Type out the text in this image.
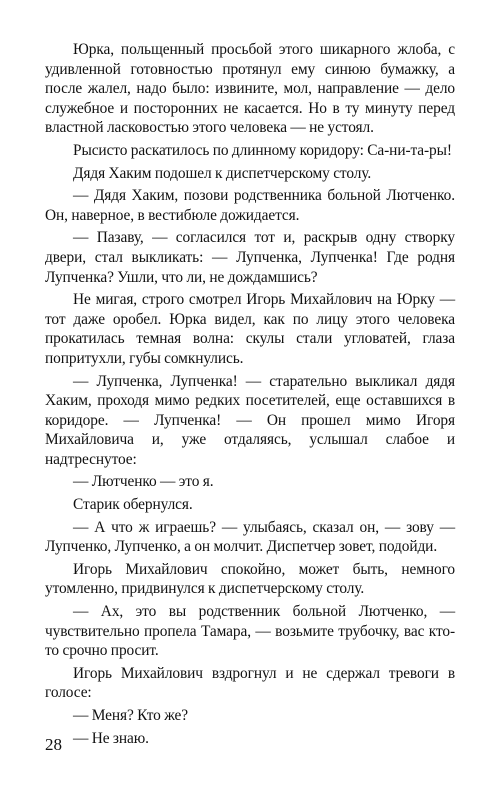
Юрка, польщенный просьбой этого шикарного жлоба, с удивленной готовностью протянул ему синюю бумажку, а после жалел, надо было: извините, мол, направление — дело служебное и посторонних не касается. Но в ту минуту перед властной ласковостью этого человека — не устоял.

Рысисто раскатилось по длинному коридору: Са-ни-та-ры!

Дядя Хаким подошел к диспетчерскому столу.

— Дядя Хаким, позови родственника больной Лютченко. Он, наверное, в вестибюле дожидается.

— Пазаву, — согласился тот и, раскрыв одну створку двери, стал выкликать: — Лупченка, Лупченка! Где родня Лупченка? Ушли, что ли, не дождамшись?

Не мигая, строго смотрел Игорь Михайлович на Юрку — тот даже оробел. Юрка видел, как по лицу этого человека прокатилась темная волна: скулы стали угловатей, глаза попритухли, губы сомкнулись.

— Лупченка, Лупченка! — старательно выкликал дядя Хаким, проходя мимо редких посетителей, еще оставшихся в коридоре. — Лупченка! — Он прошел мимо Игоря Михайловича и, уже отдаляясь, услышал слабое и надтреснутое:

— Лютченко — это я.

Старик обернулся.

— А что ж играешь? — улыбаясь, сказал он, — зову — Лупченко, Лупченко, а он молчит. Диспетчер зовет, подойди.

Игорь Михайлович спокойно, может быть, немного утомленно, придвинулся к диспетчерскому столу.

— Ах, это вы родственник больной Лютченко, — чувствительно пропела Тамара, — возьмите трубочку, вас кто-то срочно просит.

Игорь Михайлович вздрогнул и не сдержал тревоги в голосе:

— Меня? Кто же?

— Не знаю.

28
